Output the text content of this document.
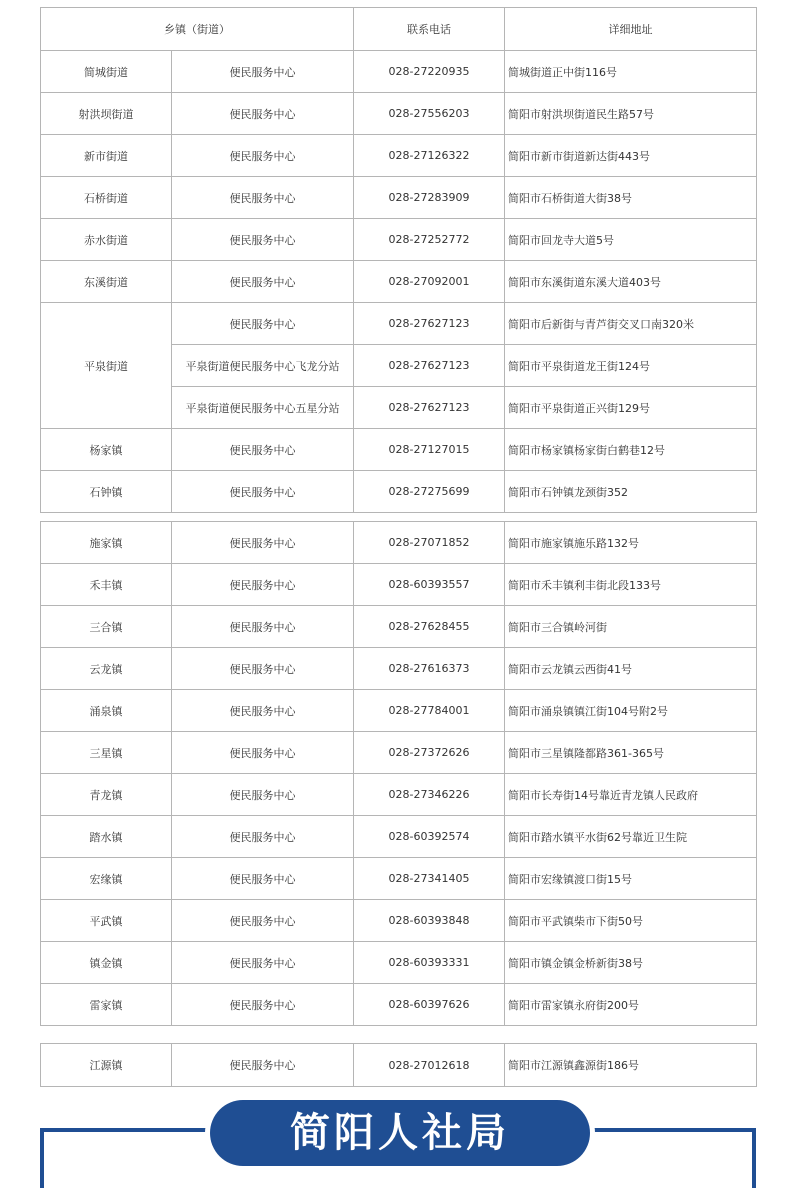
乡镇（街道）		联系电话	详细地址
简城街道	便民服务中心	028-27220935	简城街道正中街116号
射洪坝街道	便民服务中心	028-27556203	简阳市射洪坝街道民生路57号
新市街道	便民服务中心	028-27126322	简阳市新市街道新达街443号
石桥街道	便民服务中心	028-27283909	简阳市石桥街道大街38号
赤水街道	便民服务中心	028-27252772	简阳市回龙寺大道5号
东溪街道	便民服务中心	028-27092001	简阳市东溪街道东溪大道403号
平泉街道	便民服务中心	028-27627123	简阳市后新街与青芦街交叉口南320米
	平泉街道便民服务中心飞龙分站	028-27627123	简阳市平泉街道龙王街124号
	平泉街道便民服务中心五星分站	028-27627123	简阳市平泉街道正兴街129号
杨家镇	便民服务中心	028-27127015	简阳市杨家镇杨家街白鹤巷12号
石钟镇	便民服务中心	028-27275699	简阳市石钟镇龙颈街352
施家镇	便民服务中心	028-27071852	简阳市施家镇施乐路132号
禾丰镇	便民服务中心	028-60393557	简阳市禾丰镇利丰街北段133号
三合镇	便民服务中心	028-27628455	简阳市三合镇岭河街
云龙镇	便民服务中心	028-27616373	简阳市云龙镇云西街41号
涌泉镇	便民服务中心	028-27784001	简阳市涌泉镇镇江街104号附2号
三星镇	便民服务中心	028-27372626	简阳市三星镇隆都路361-365号
青龙镇	便民服务中心	028-27346226	简阳市长寿街14号靠近青龙镇人民政府
踏水镇	便民服务中心	028-60392574	简阳市踏水镇平水街62号靠近卫生院
宏缘镇	便民服务中心	028-27341405	简阳市宏缘镇渡口街15号
平武镇	便民服务中心	028-60393848	简阳市平武镇柴市下街50号
镇金镇	便民服务中心	028-60393331	简阳市镇金镇金桥新街38号
雷家镇	便民服务中心	028-60397626	简阳市雷家镇永府街200号
江源镇	便民服务中心	028-27012618	简阳市江源镇鑫源街186号
简阳人社局
